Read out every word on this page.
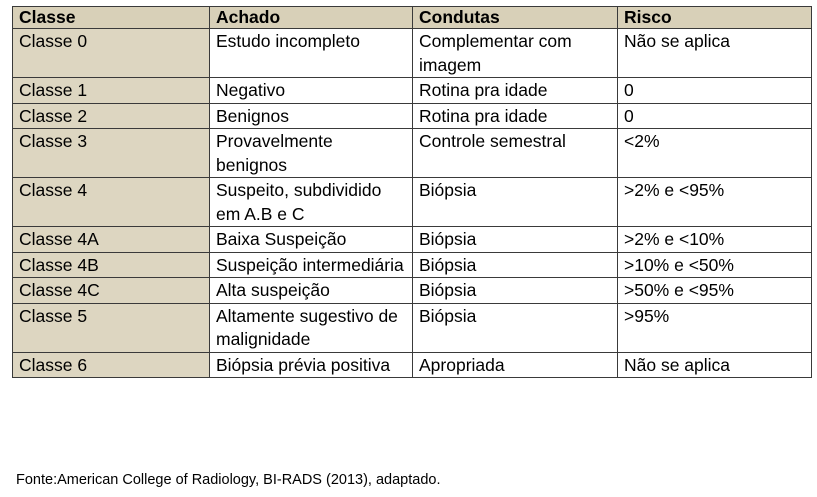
Classe	Achado	Condutas	Risco
Classe 0	Estudo incompleto	Complementar com imagem	Não se aplica
Classe 1	Negativo	Rotina pra idade	0
Classe 2	Benignos	Rotina pra idade	0
Classe 3	Provavelmente benignos	Controle semestral	<2%
Classe 4	Suspeito, subdividido em A.B e C	Biópsia	>2% e <95%
Classe 4A	Baixa Suspeição	Biópsia	>2% e <10%
Classe 4B	Suspeição intermediária	Biópsia	>10% e <50%
Classe 4C	Alta suspeição	Biópsia	>50% e <95%
Classe 5	Altamente sugestivo de malignidade	Biópsia	>95%
Classe 6	Biópsia prévia positiva	Apropriada	Não se aplica
Fonte:American College of Radiology, BI-RADS (2013), adaptado.
